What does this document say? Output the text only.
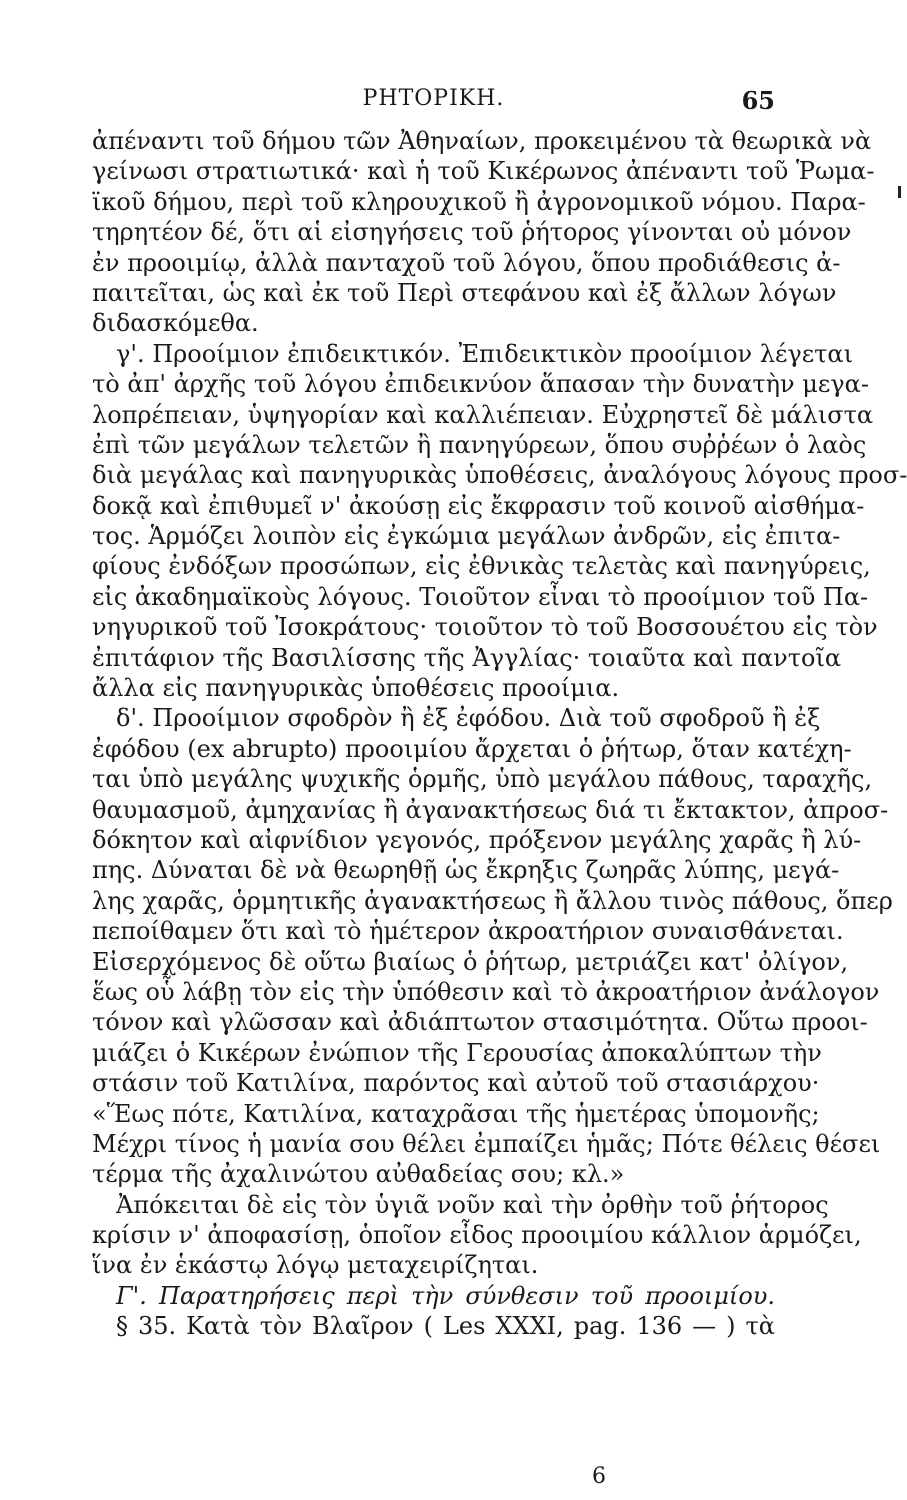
ΡΗΤΟΡΙΚΗ.	65
ἀπέναντι τοῦ δήμου τῶν Ἀθηναίων, προκειμένου τὰ θεωρικὰ νὰ
γείνωσι στρατιωτικά· καὶ ἡ τοῦ Κικέρωνος ἀπέναντι τοῦ Ῥωμα-
ϊκοῦ δήμου, περὶ τοῦ κληρουχικοῦ ἢ ἀγρονομικοῦ νόμου. Παρα-
τηρητέον δέ, ὅτι αἱ εἰσηγήσεις τοῦ ῥήτορος γίνονται οὐ μόνον
ἐν προοιμίῳ, ἀλλὰ πανταχοῦ τοῦ λόγου, ὅπου προδιάθεσις ἀ-
παιτεῖται, ὡς καὶ ἐκ τοῦ Περὶ στεφάνου καὶ ἐξ ἄλλων λόγων
διδασκόμεθα.
γ'. Προοίμιον ἐπιδεικτικόν. Ἐπιδεικτικὸν προοίμιον λέγεται
τὸ ἀπ' ἀρχῆς τοῦ λόγου ἐπιδεικνύον ἅπασαν τὴν δυνατὴν μεγα-
λοπρέπειαν, ὑψηγορίαν καὶ καλλιέπειαν. Εὐχρηστεῖ δὲ μάλιστα
ἐπὶ τῶν μεγάλων τελετῶν ἢ πανηγύρεων, ὅπου συῤῥέων ὁ λαὸς
διὰ μεγάλας καὶ πανηγυρικὰς ὑποθέσεις, ἀναλόγους λόγους προσ-
δοκᾷ καὶ ἐπιθυμεῖ ν' ἀκούσῃ εἰς ἔκφρασιν τοῦ κοινοῦ αἰσθήμα-
τος. Ἁρμόζει λοιπὸν εἰς ἐγκώμια μεγάλων ἀνδρῶν, εἰς ἐπιτα-
φίους ἐνδόξων προσώπων, εἰς ἐθνικὰς τελετὰς καὶ πανηγύρεις,
εἰς ἀκαδημαϊκοὺς λόγους. Τοιοῦτον εἶναι τὸ προοίμιον τοῦ Πα-
νηγυρικοῦ τοῦ Ἰσοκράτους· τοιοῦτον τὸ τοῦ Βοσσουέτου εἰς τὸν
ἐπιτάφιον τῆς Βασιλίσσης τῆς Ἀγγλίας· τοιαῦτα καὶ παντοῖα
ἄλλα εἰς πανηγυρικὰς ὑποθέσεις προοίμια.
δ'. Προοίμιον σφοδρὸν ἢ ἐξ ἐφόδου. Διὰ τοῦ σφοδροῦ ἢ ἐξ
ἐφόδου (ex abrupto) προοιμίου ἄρχεται ὁ ῥήτωρ, ὅταν κατέχη-
ται ὑπὸ μεγάλης ψυχικῆς ὁρμῆς, ὑπὸ μεγάλου πάθους, ταραχῆς,
θαυμασμοῦ, ἀμηχανίας ἢ ἀγανακτήσεως διά τι ἔκτακτον, ἀπροσ-
δόκητον καὶ αἰφνίδιον γεγονός, πρόξενον μεγάλης χαρᾶς ἢ λύ-
πης. Δύναται δὲ νὰ θεωρηθῇ ὡς ἔκρηξις ζωηρᾶς λύπης, μεγά-
λης χαρᾶς, ὁρμητικῆς ἀγανακτήσεως ἢ ἄλλου τινὸς πάθους, ὅπερ
πεποίθαμεν ὅτι καὶ τὸ ἡμέτερον ἀκροατήριον συναισθάνεται.
Εἰσερχόμενος δὲ οὕτω βιαίως ὁ ῥήτωρ, μετριάζει κατ' ὀλίγον,
ἕως οὗ λάβῃ τὸν εἰς τὴν ὑπόθεσιν καὶ τὸ ἀκροατήριον ἀνάλογον
τόνον καὶ γλῶσσαν καὶ ἀδιάπτωτον στασιμότητα. Οὕτω προοι-
μιάζει ὁ Κικέρων ἐνώπιον τῆς Γερουσίας ἀποκαλύπτων τὴν
στάσιν τοῦ Κατιλίνα, παρόντος καὶ αὐτοῦ τοῦ στασιάρχου·
«Ἕως πότε, Κατιλίνα, καταχρᾶσαι τῆς ἡμετέρας ὑπομονῆς;
Μέχρι τίνος ἡ μανία σου θέλει ἐμπαίζει ἡμᾶς; Πότε θέλεις θέσει
τέρμα τῆς ἀχαλινώτου αὐθαδείας σου; κλ.»
Ἀπόκειται δὲ εἰς τὸν ὑγιᾶ νοῦν καὶ τὴν ὀρθὴν τοῦ ῥήτορος
κρίσιν ν' ἀποφασίσῃ, ὁποῖον εἶδος προοιμίου κάλλιον ἁρμόζει,
ἵνα ἐν ἑκάστῳ λόγῳ μεταχειρίζηται.
Γ'. Παρατηρήσεις περὶ τὴν σύνθεσιν τοῦ προοιμίου.
§ 35. Κατὰ τὸν Βλαῖρον ( Les XXXI, pag. 136 — ) τὰ
6
